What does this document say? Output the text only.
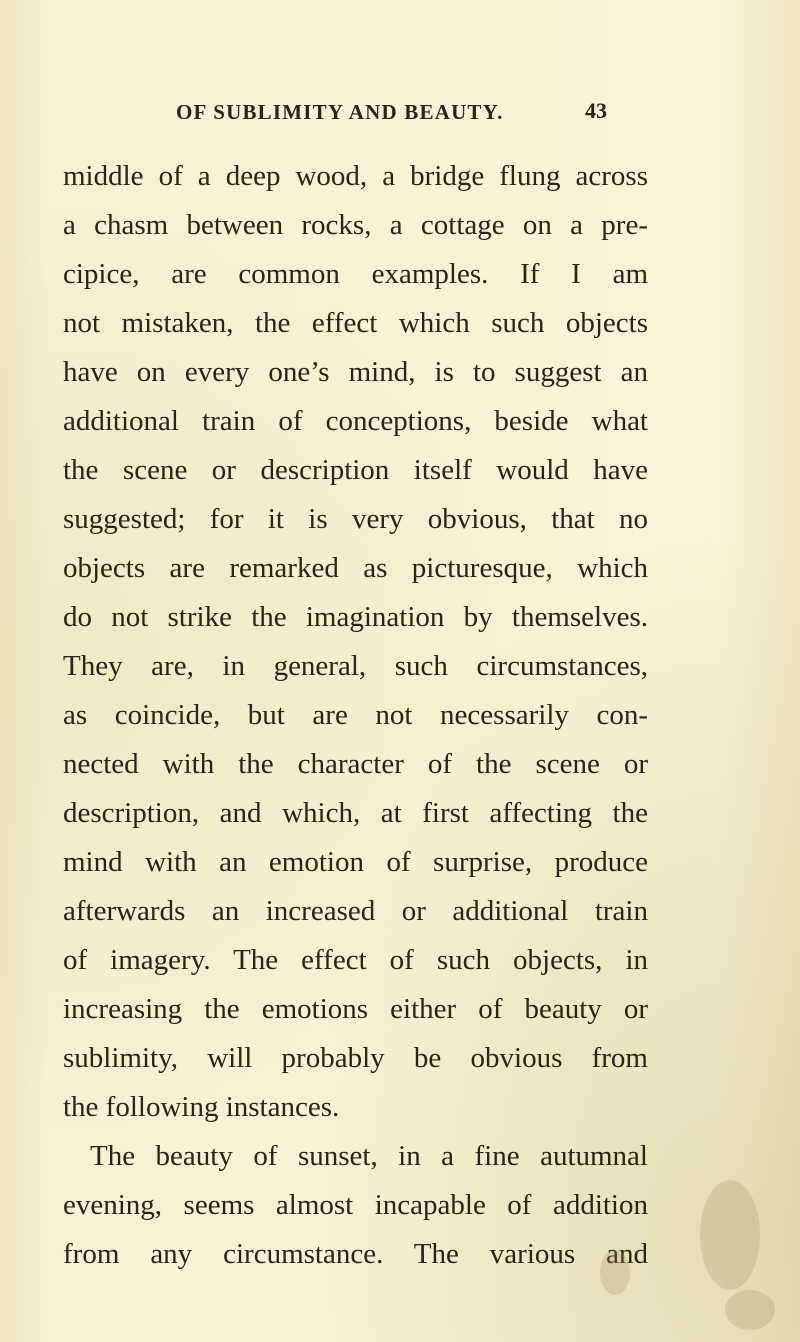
OF SUBLIMITY AND BEAUTY.	43
middle of a deep wood, a bridge flung across
a chasm between rocks, a cottage on a pre-
cipice, are common examples. If I am
not mistaken, the effect which such objects
have on every one’s mind, is to suggest an
additional train of conceptions, beside what
the scene or description itself would have
suggested; for it is very obvious, that no
objects are remarked as picturesque, which
do not strike the imagination by themselves.
They are, in general, such circumstances,
as coincide, but are not necessarily con-
nected with the character of the scene or
description, and which, at first affecting the
mind with an emotion of surprise, produce
afterwards an increased or additional train
of imagery. The effect of such objects, in
increasing the emotions either of beauty or
sublimity, will probably be obvious from
the following instances.
The beauty of sunset, in a fine autumnal
evening, seems almost incapable of addition
from any circumstance. The various and
